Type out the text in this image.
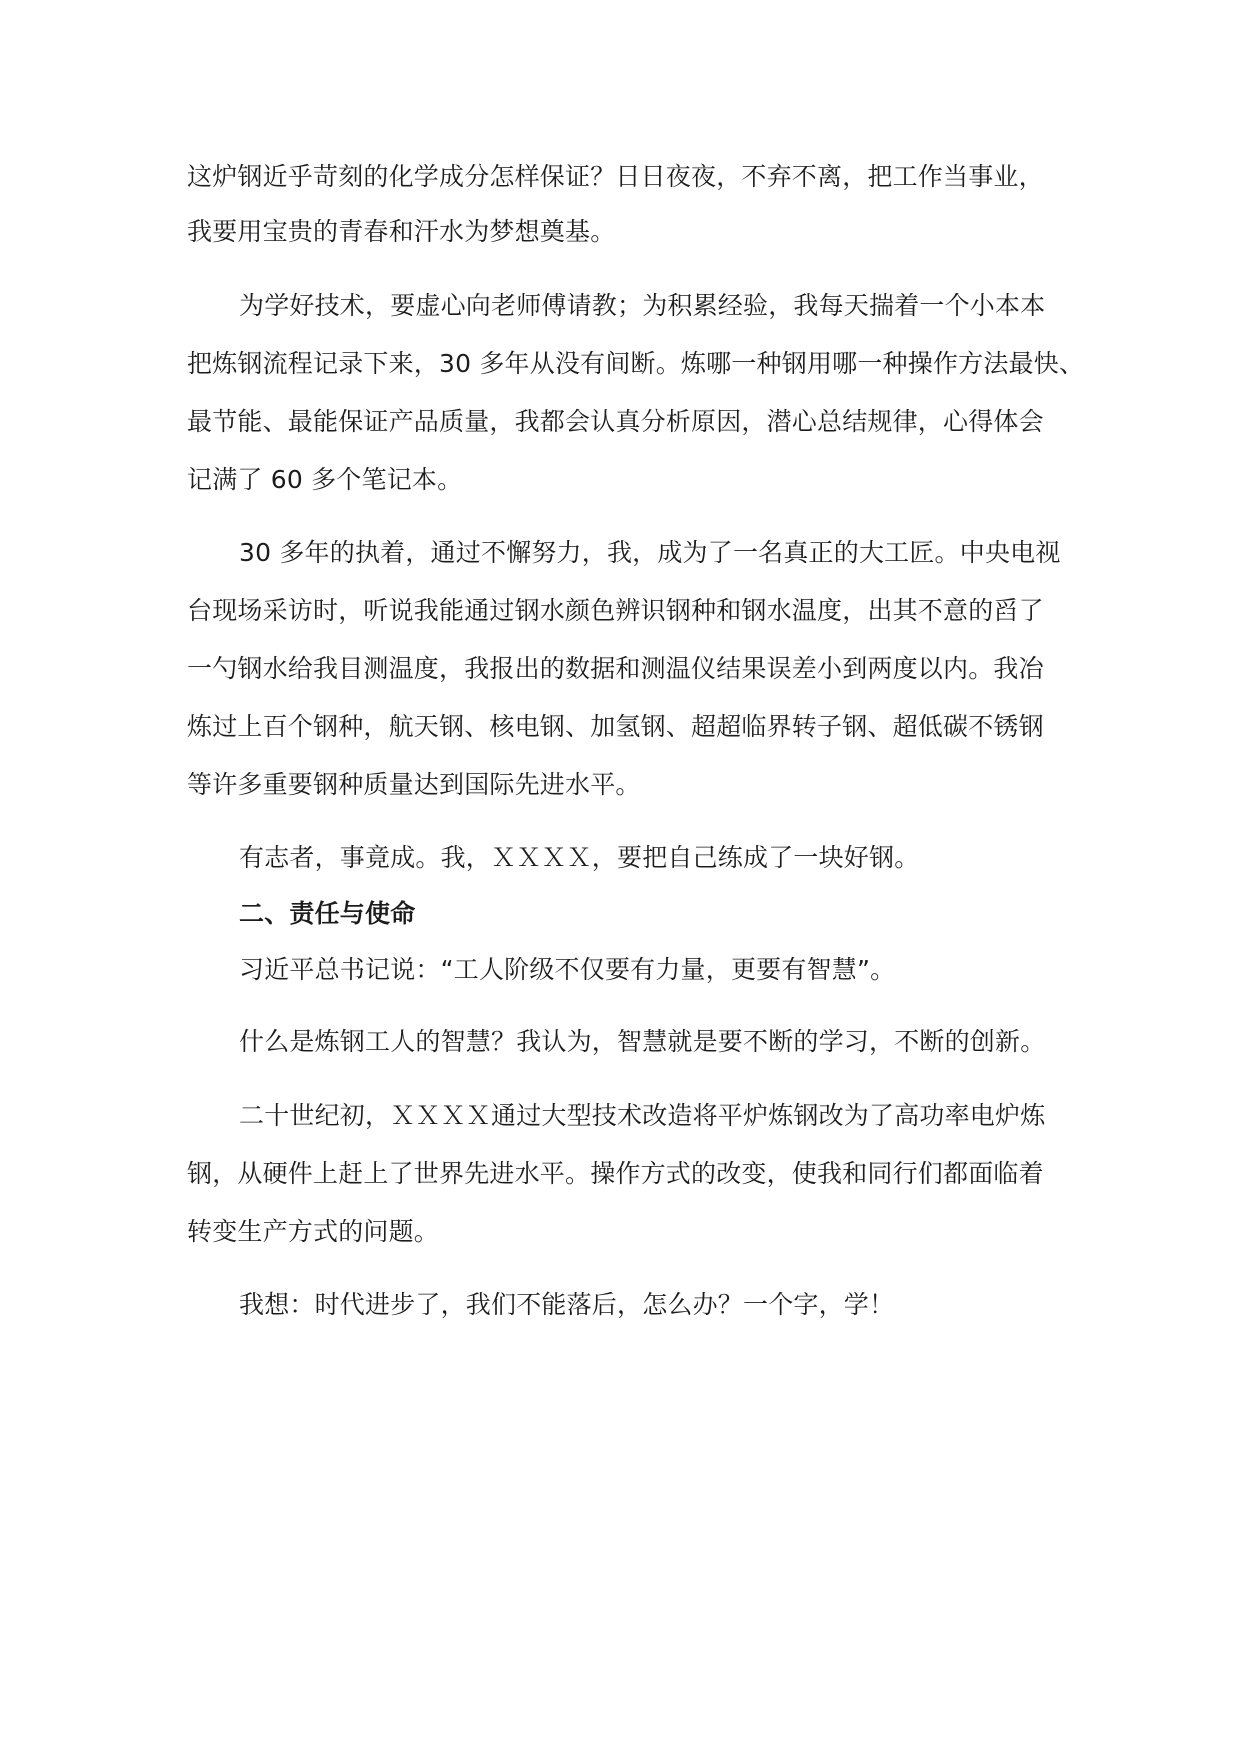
这炉钢近乎苛刻的化学成分怎样保证？日日夜夜，不弃不离，把工作当事业，
我要用宝贵的青春和汗水为梦想奠基。
为学好技术，要虚心向老师傅请教；为积累经验，我每天揣着一个小本本
把炼钢流程记录下来，30 多年从没有间断。炼哪一种钢用哪一种操作方法最快、
最节能、最能保证产品质量，我都会认真分析原因，潜心总结规律，心得体会
记满了 60 多个笔记本。
30 多年的执着，通过不懈努力，我，成为了一名真正的大工匠。中央电视
台现场采访时，听说我能通过钢水颜色辨识钢种和钢水温度，出其不意的舀了
一勺钢水给我目测温度，我报出的数据和测温仪结果误差小到两度以内。我冶
炼过上百个钢种，航天钢、核电钢、加氢钢、超超临界转子钢、超低碳不锈钢
等许多重要钢种质量达到国际先进水平。
有志者，事竟成。我，ＸＸＸＸ，要把自己练成了一块好钢。
二、责任与使命
习近平总书记说：“工人阶级不仅要有力量，更要有智慧”。
什么是炼钢工人的智慧？我认为，智慧就是要不断的学习，不断的创新。
二十世纪初，ＸＸＸＸ通过大型技术改造将平炉炼钢改为了高功率电炉炼
钢，从硬件上赶上了世界先进水平。操作方式的改变，使我和同行们都面临着
转变生产方式的问题。
我想：时代进步了，我们不能落后，怎么办？一个字，学！
